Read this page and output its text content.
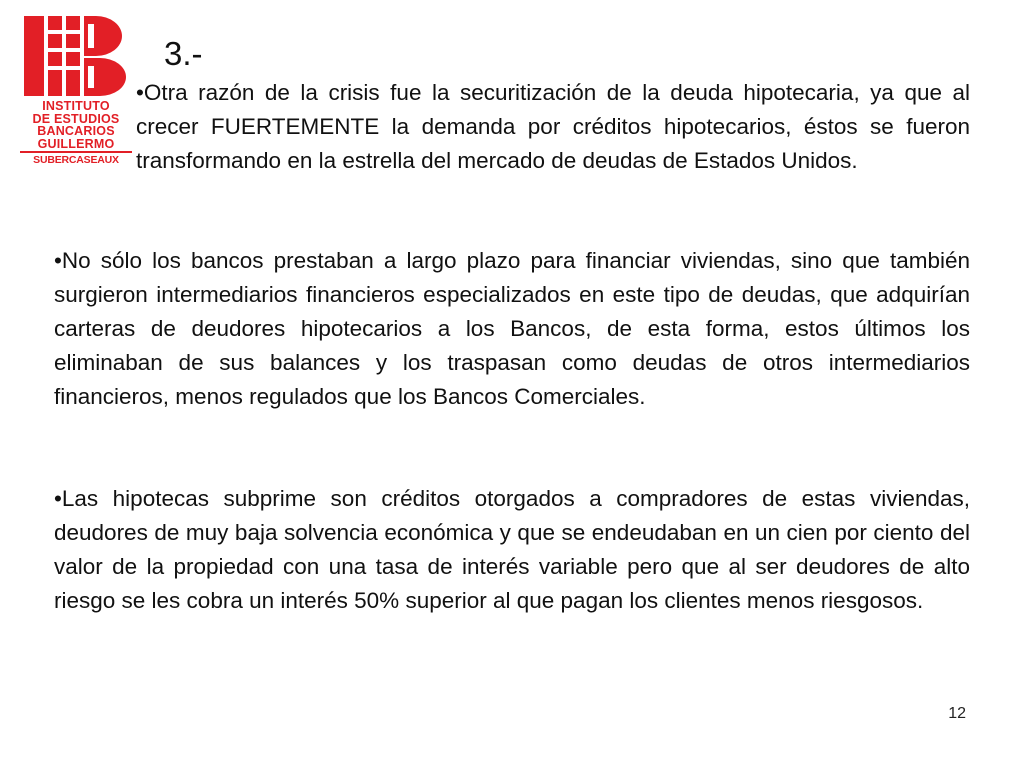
INSTITUTO
DE ESTUDIOS
BANCARIOS
GUILLERMO
SUBERCASEAUX
3.-

•Otra razón de la crisis fue la securitización de la deuda hipotecaria, ya que al crecer FUERTEMENTE la demanda por créditos hipotecarios, éstos se fueron transformando en la estrella del mercado de deudas de Estados Unidos.

•No sólo los bancos prestaban a largo plazo para financiar viviendas, sino que también surgieron intermediarios financieros especializados en este tipo de deudas, que adquirían carteras de deudores hipotecarios a los Bancos, de esta forma, estos últimos los eliminaban de sus balances y los traspasan como deudas de otros intermediarios financieros, menos regulados que los Bancos Comerciales.

•Las hipotecas subprime son créditos otorgados a compradores de estas viviendas, deudores de muy baja solvencia económica y que se endeudaban en un cien por ciento del valor de la propiedad con una tasa de interés variable pero que al ser deudores de alto riesgo se les cobra un interés 50% superior al que pagan los clientes menos riesgosos.

12
